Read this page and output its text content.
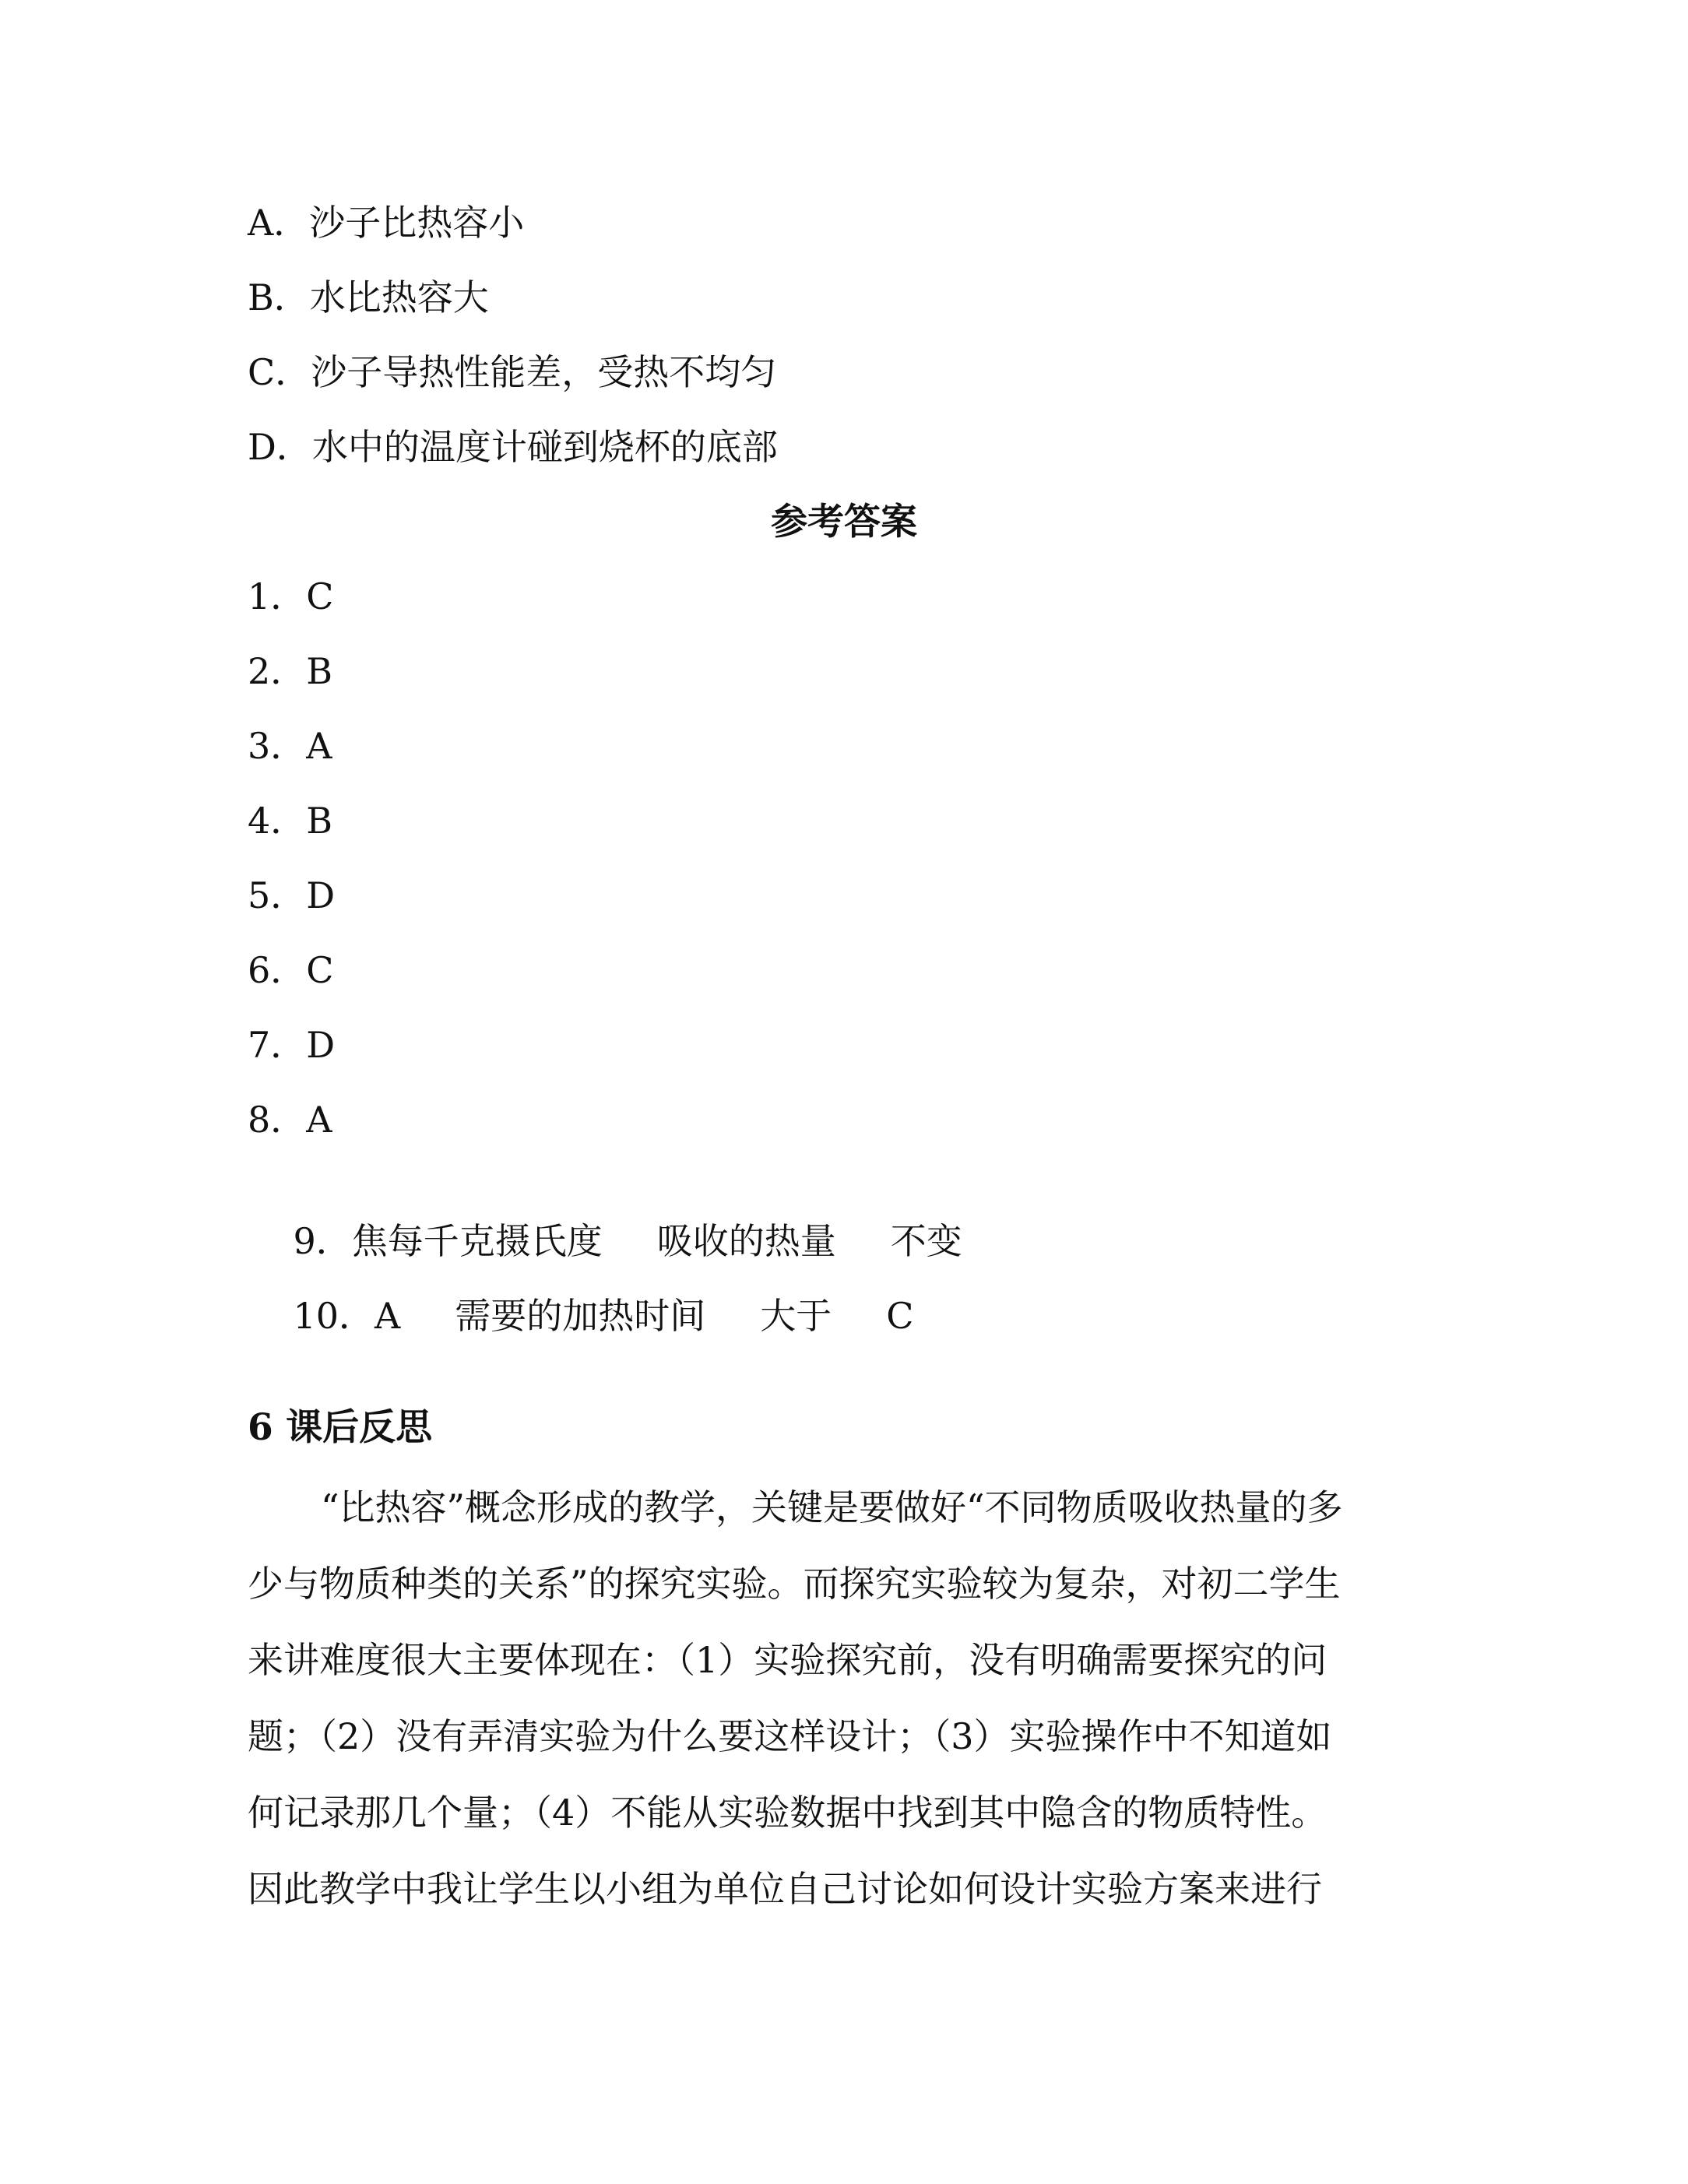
A．沙子比热容小
B．水比热容大
C．沙子导热性能差，受热不均匀
D．水中的温度计碰到烧杯的底部
参考答案
1．C
2．B
3．A
4．B
5．D
6．C
7．D
8．A

9．焦每千克摄氏度 吸收的热量 不变

10．A 需要的加热时间 大于 C

6 课后反思
“比热容”概念形成的教学，关键是要做好“不同物质吸收热量的多
少与物质种类的关系”的探究实验。而探究实验较为复杂，对初二学生
来讲难度很大主要体现在：（1）实验探究前，没有明确需要探究的问
题；（2）没有弄清实验为什么要这样设计；（3）实验操作中不知道如
何记录那几个量；（4）不能从实验数据中找到其中隐含的物质特性。
因此教学中我让学生以小组为单位自己讨论如何设计实验方案来进行
